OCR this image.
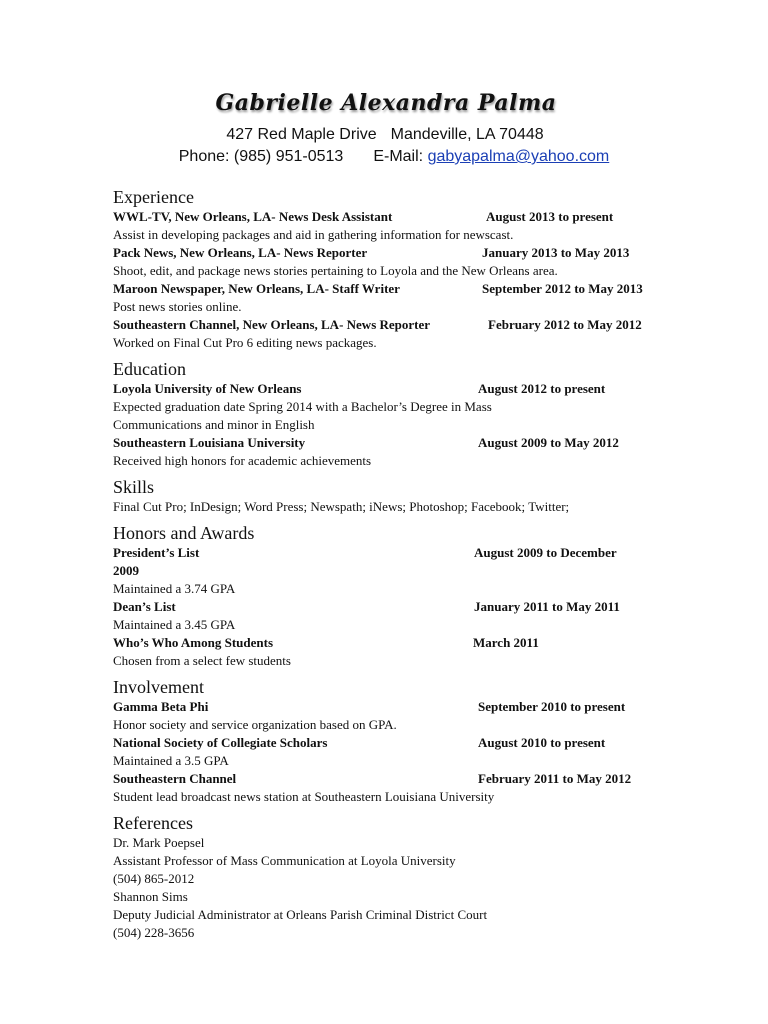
Gabrielle Alexandra Palma
427 Red Maple Drive Mandeville, LA 70448
Phone: (985) 951-0513 E-Mail: gabyapalma@yahoo.com
Experience
WWL-TV, New Orleans, LA- News Desk Assistant	August 2013 to present
Assist in developing packages and aid in gathering information for newscast.
Pack News, New Orleans, LA- News Reporter	January 2013 to May 2013
Shoot, edit, and package news stories pertaining to Loyola and the New Orleans area.
Maroon Newspaper, New Orleans, LA- Staff Writer	September 2012 to May 2013
Post news stories online.
Southeastern Channel, New Orleans, LA- News Reporter	February 2012 to May 2012
Worked on Final Cut Pro 6 editing news packages.
Education
Loyola University of New Orleans	August 2012 to present
Expected graduation date Spring 2014 with a Bachelor’s Degree in Mass Communications and minor in English
Southeastern Louisiana University	August 2009 to May 2012
Received high honors for academic achievements
Skills
Final Cut Pro; InDesign; Word Press; Newspath; iNews; Photoshop; Facebook; Twitter;
Honors and Awards
President’s List	August 2009 to December 2009
Maintained a 3.74 GPA
Dean’s List	January 2011 to May 2011
Maintained a 3.45 GPA
Who’s Who Among Students	March 2011
Chosen from a select few students
Involvement
Gamma Beta Phi	September 2010 to present
Honor society and service organization based on GPA.
National Society of Collegiate Scholars	August 2010 to present
Maintained a 3.5 GPA
Southeastern Channel	February 2011 to May 2012
Student lead broadcast news station at Southeastern Louisiana University
References
Dr. Mark Poepsel
Assistant Professor of Mass Communication at Loyola University
(504) 865-2012
Shannon Sims
Deputy Judicial Administrator at Orleans Parish Criminal District Court
(504) 228-3656
